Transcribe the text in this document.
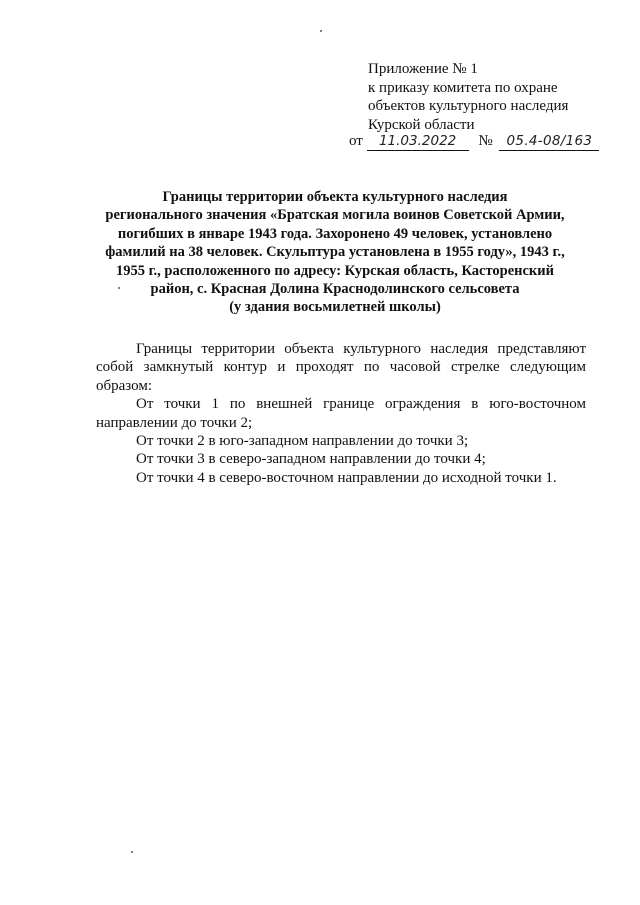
Приложение № 1
к приказу комитета по охране
объектов культурного наследия
Курской области
от 11.03.2022 № 05.4-08/163
Границы территории объекта культурного наследия
регионального значения «Братская могила воинов Советской Армии,
погибших в январе 1943 года. Захоронено 49 человек, установлено
фамилий на 38 человек. Скульптура установлена в 1955 году», 1943 г.,
1955 г., расположенного по адресу: Курская область, Касторенский
район, с. Красная Долина Краснодолинского сельсовета
(у здания восьмилетней школы)

Границы территории объекта культурного наследия представляют собой замкнутый контур и проходят по часовой стрелке следующим образом:

От точки 1 по внешней границе ограждения в юго-восточном направлении до точки 2;

От точки 2 в юго-западном направлении до точки 3;

От точки 3 в северо-западном направлении до точки 4;

От точки 4 в северо-восточном направлении до исходной точки 1.
